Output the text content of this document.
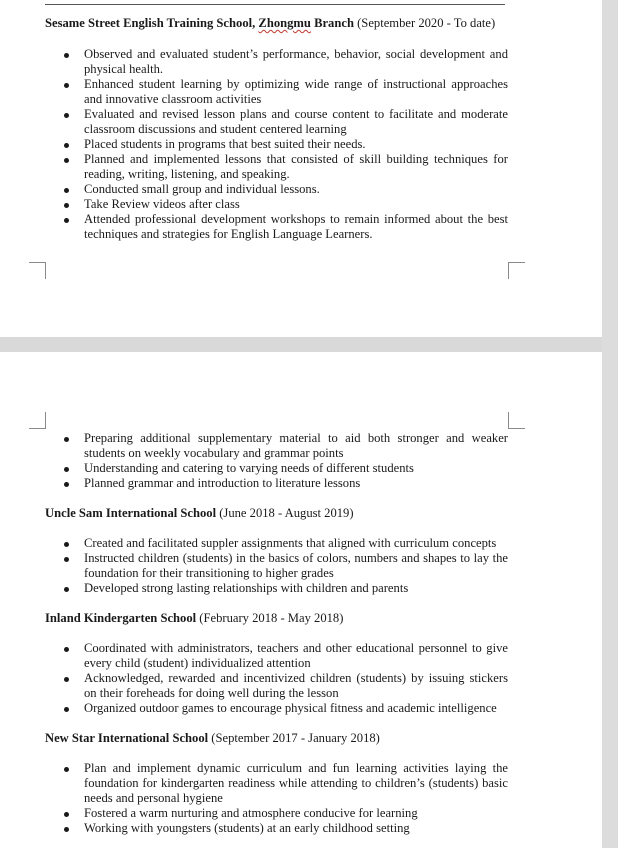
Sesame Street English Training School, Zhongmu Branch (September 2020 - To date)

Observed and evaluated student’s performance, behavior, social development and physical health.
Enhanced student learning by optimizing wide range of instructional approaches and innovative classroom activities
Evaluated and revised lesson plans and course content to facilitate and moderate classroom discussions and student centered learning
Placed students in programs that best suited their needs.
Planned and implemented lessons that consisted of skill building techniques for reading, writing, listening, and speaking.
Conducted small group and individual lessons.
Take Review videos after class
Attended professional development workshops to remain informed about the best techniques and strategies for English Language Learners.
Preparing additional supplementary material to aid both stronger and weaker students on weekly vocabulary and grammar points
Understanding and catering to varying needs of different students
Planned grammar and introduction to literature lessons

Uncle Sam International School (June 2018 - August 2019)

Created and facilitated suppler assignments that aligned with curriculum concepts
Instructed children (students) in the basics of colors, numbers and shapes to lay the foundation for their transitioning to higher grades
Developed strong lasting relationships with children and parents

Inland Kindergarten School (February 2018 - May 2018)

Coordinated with administrators, teachers and other educational personnel to give every child (student) individualized attention
Acknowledged, rewarded and incentivized children (students) by issuing stickers on their foreheads for doing well during the lesson
Organized outdoor games to encourage physical fitness and academic intelligence

New Star International School (September 2017 - January 2018)

Plan and implement dynamic curriculum and fun learning activities laying the foundation for kindergarten readiness while attending to children’s (students) basic needs and personal hygiene
Fostered a warm nurturing and atmosphere conducive for learning
Working with youngsters (students) at an early childhood setting
